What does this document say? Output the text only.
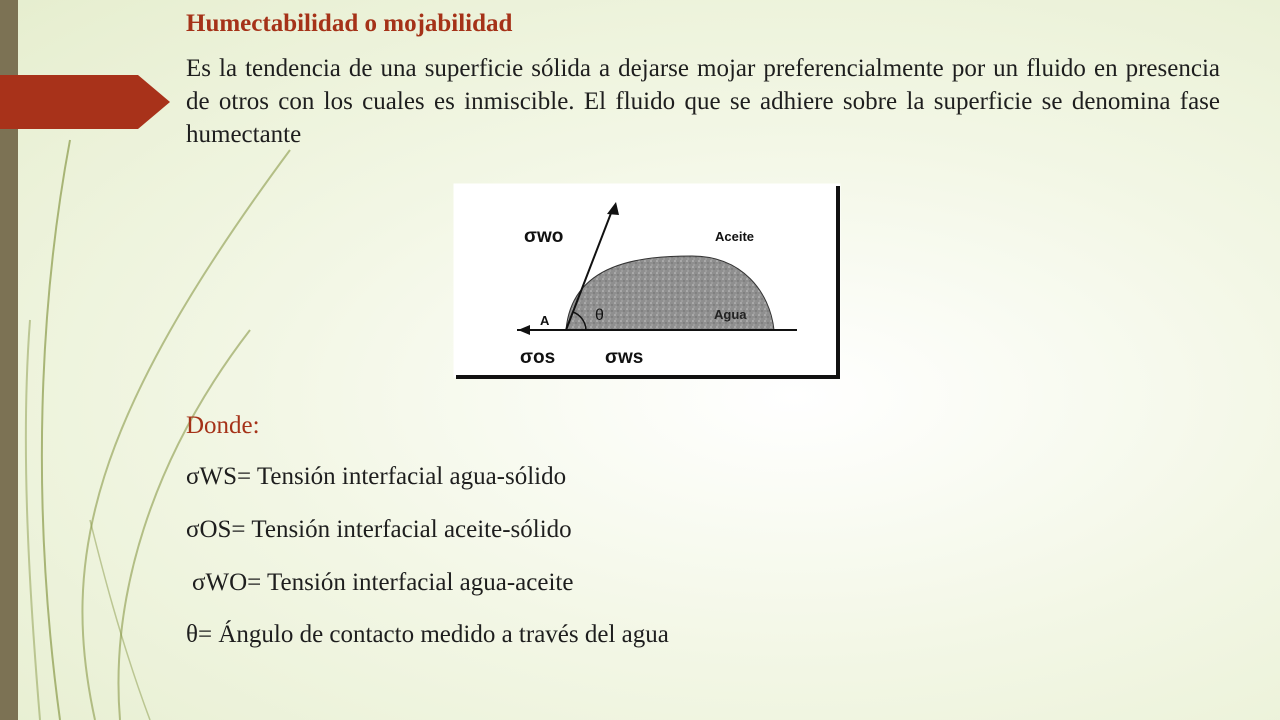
Humectabilidad o mojabilidad
Es la tendencia de una superficie sólida a dejarse mojar preferencialmente por un fluido en presencia de otros con los cuales es inmiscible. El fluido que se adhiere sobre la superficie se denomina fase humectante
σwo	Aceite
Agua
θ
A
σos	σws
Donde:
σWS= Tensión interfacial agua-sólido
σOS= Tensión interfacial aceite-sólido
σWO= Tensión interfacial agua-aceite
θ= Ángulo de contacto medido a través del agua
